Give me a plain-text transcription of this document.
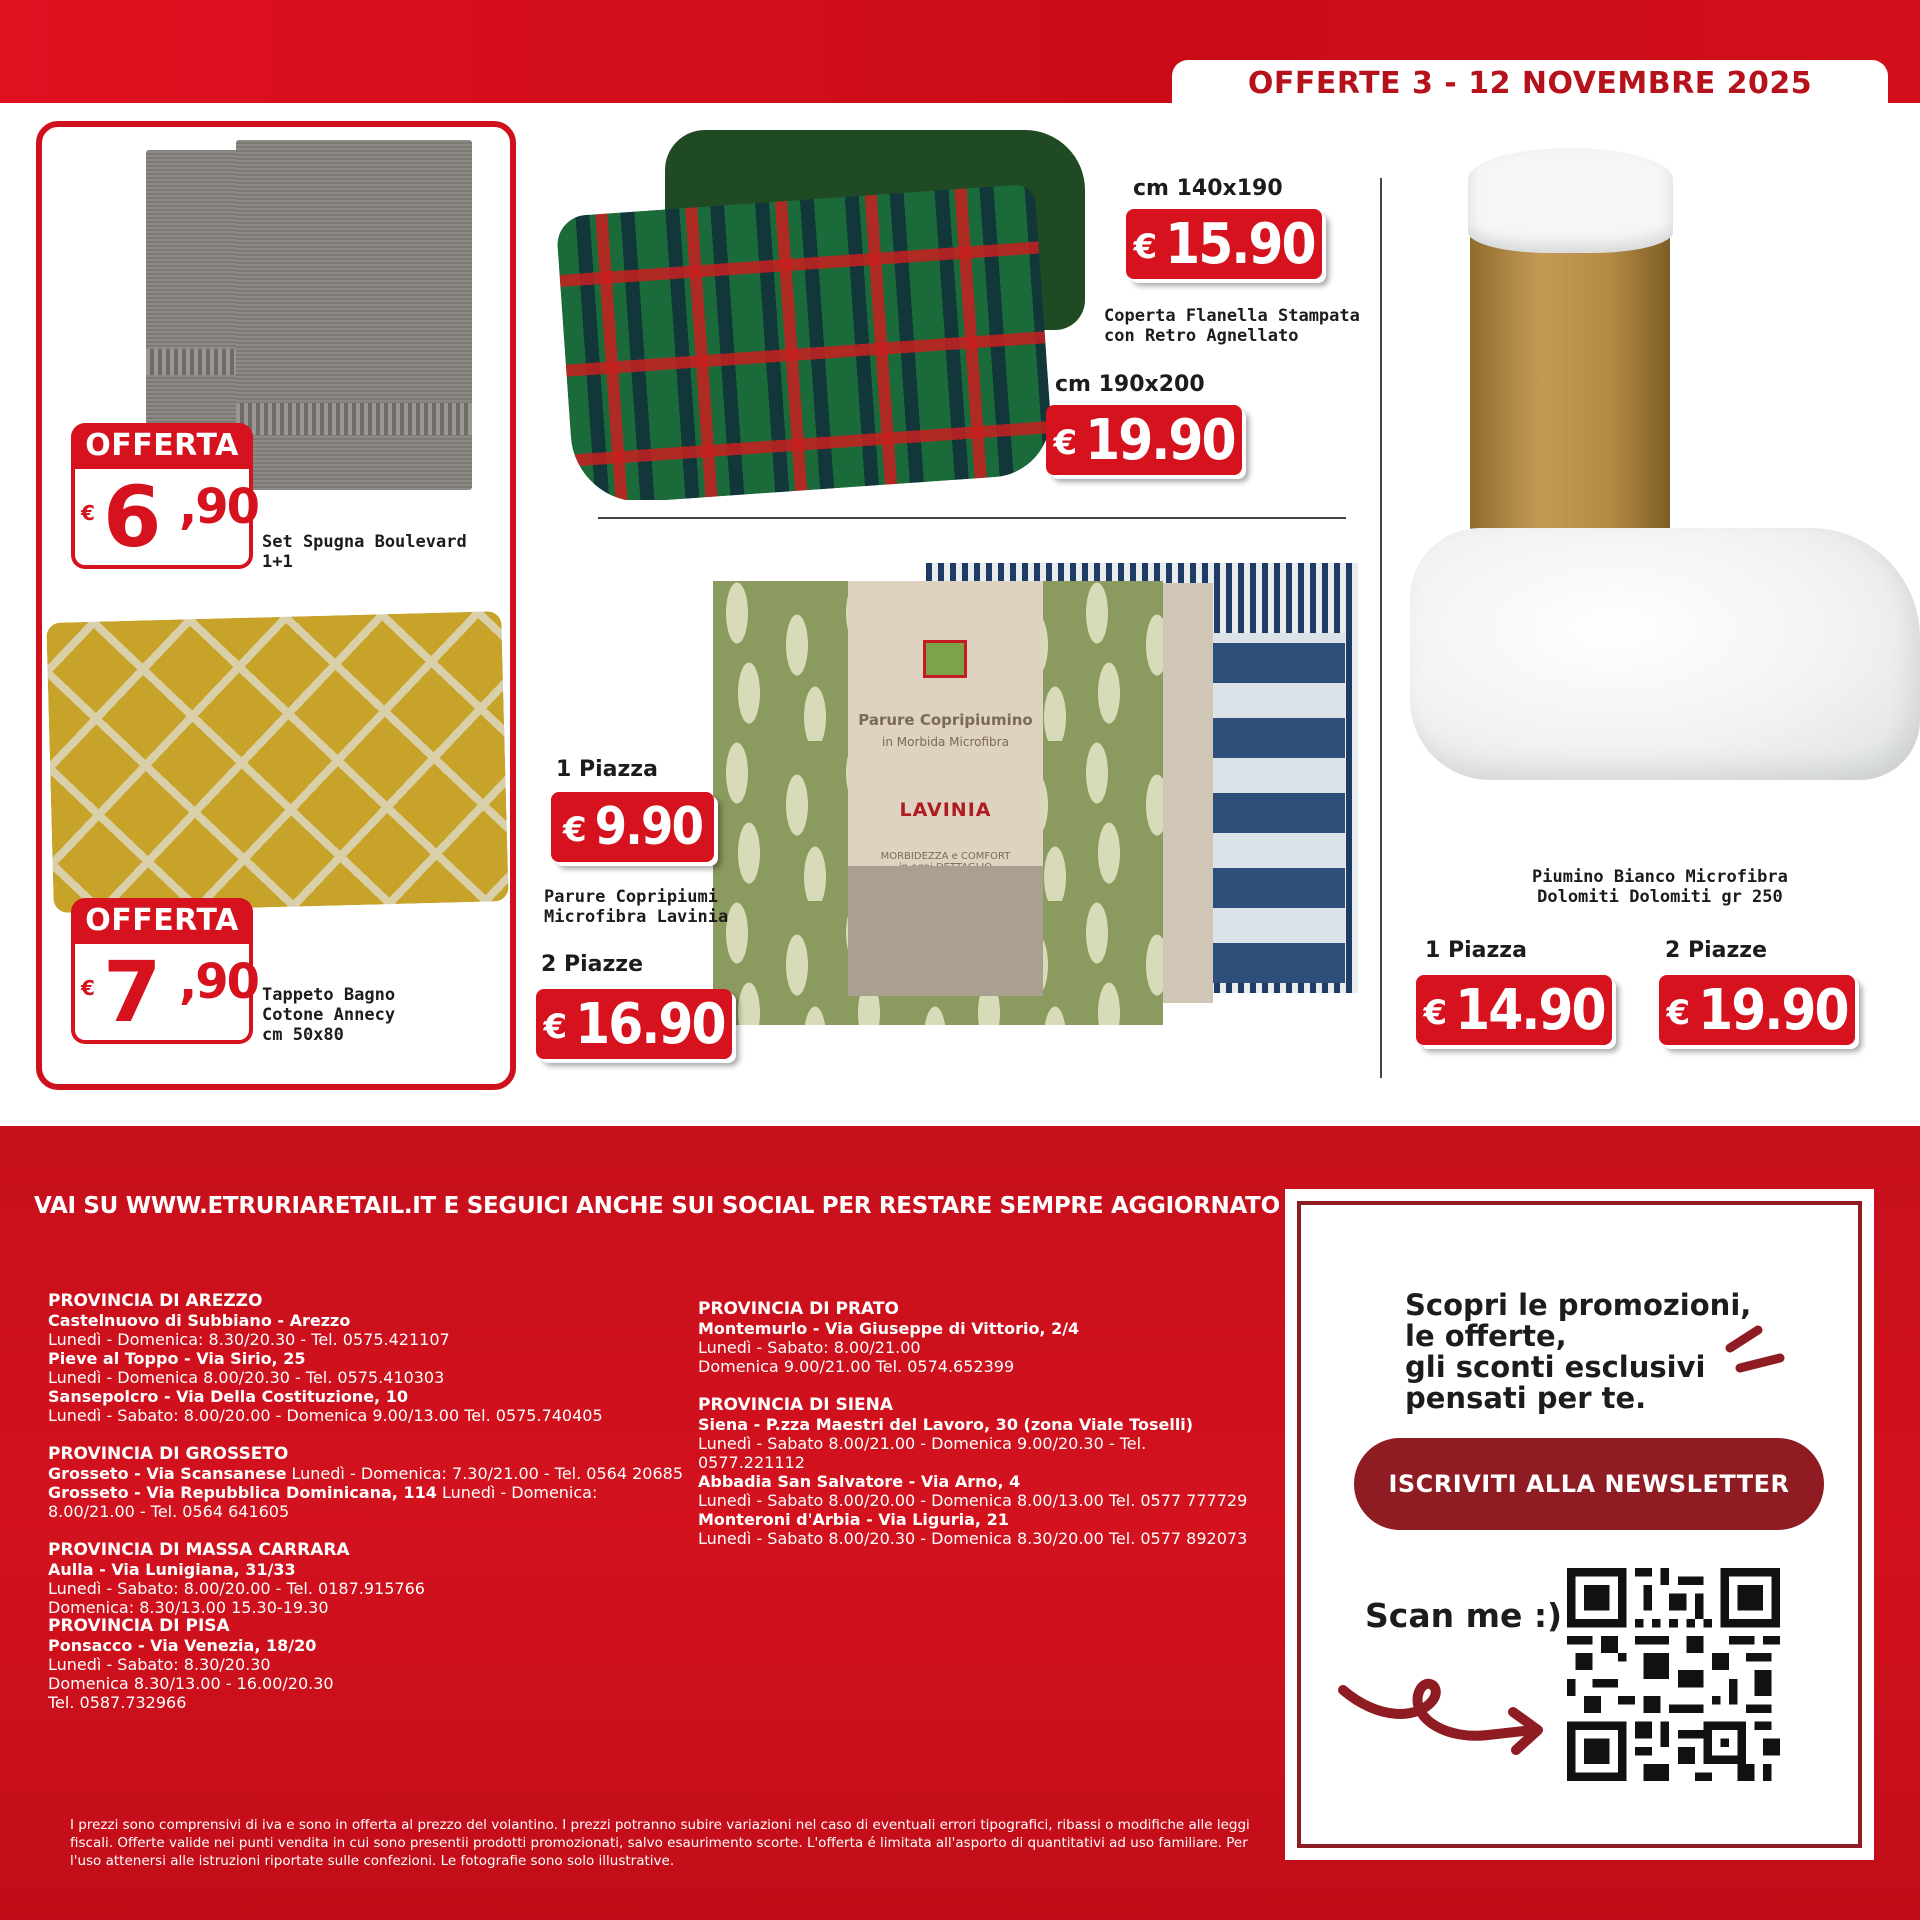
OFFERTE 3 - 12 NOVEMBRE 2025
OFFERTA
€ 6 ,90
Set Spugna Boulevard
1+1
OFFERTA
€ 7 ,90 Tappeto Bagno
Cotone Annecy
cm 50x80
cm 140x190
€ 15.90
Coperta Flanella Stampata
con Retro Agnellato
cm 190x200
€ 19.90
Parure Copripiumino
in Morbida Microfibra
LAVINIA
MORBIDEZZA e COMFORT

1 Piazza
€ 9.90
Parure Copripiumi
Microfibra Lavinia
2 Piazze
€ 16.90
Piumino Bianco Microfibra
Dolomiti Dolomiti gr 250
1 Piazza
€ 14.90
2 Piazze
€ 19.90
VAI SU WWW.ETRURIARETAIL.IT E SEGUICI ANCHE SUI SOCIAL PER RESTARE SEMPRE AGGIORNATO
PROVINCIA DI AREZZO
Castelnuovo di Subbiano - Arezzo
Lunedì - Domenica: 8.30/20.30 - Tel. 0575.421107
Pieve al Toppo - Via Sirio, 25
Lunedì - Domenica 8.00/20.30 - Tel. 0575.410303
Sansepolcro - Via Della Costituzione, 10
Lunedì - Sabato: 8.00/20.00 - Domenica 9.00/13.00 Tel. 0575.740405
PROVINCIA DI GROSSETO
Grosseto - Via Scansanese Lunedì - Domenica: 7.30/21.00 - Tel. 0564 20685
Grosseto - Via Repubblica Dominicana, 114 Lunedì - Domenica:
8.00/21.00 - Tel. 0564 641605
PROVINCIA DI MASSA CARRARA
Aulla - Via Lunigiana, 31/33
Lunedì - Sabato: 8.00/20.00 - Tel. 0187.915766
Domenica: 8.30/13.00 15.30-19.30
PROVINCIA DI PISA
Ponsacco - Via Venezia, 18/20
Lunedì - Sabato: 8.30/20.30
Domenica 8.30/13.00 - 16.00/20.30
Tel. 0587.732966
PROVINCIA DI PRATO
Montemurlo - Via Giuseppe di Vittorio, 2/4
Lunedì - Sabato: 8.00/21.00
Domenica 9.00/21.00 Tel. 0574.652399
PROVINCIA DI SIENA
Siena - P.zza Maestri del Lavoro, 30 (zona Viale Toselli)
Lunedì - Sabato 8.00/21.00 - Domenica 9.00/20.30 - Tel.
0577.221112
Abbadia San Salvatore - Via Arno, 4
Lunedì - Sabato 8.00/20.00 - Domenica 8.00/13.00 Tel. 0577 777729
Monteroni d'Arbia - Via Liguria, 21
Lunedì - Sabato 8.00/20.30 - Domenica 8.30/20.00 Tel. 0577 892073
I prezzi sono comprensivi di iva e sono in offerta al prezzo del volantino. I prezzi potranno subire variazioni nel caso di eventuali errori tipografici, ribassi o modifiche alle leggi fiscali. Offerte valide nei punti vendita in cui sono presentii prodotti promozionati, salvo esaurimento scorte. L'offerta é limitata all'asporto di quantitativi ad uso familiare. Per l'uso attenersi alle istruzioni riportate sulle confezioni. Le fotografie sono solo illustrative.
Scopri le promozioni,
le offerte,
gli sconti esclusivi
pensati per te.
ISCRIVITI ALLA NEWSLETTER
Scan me :)
